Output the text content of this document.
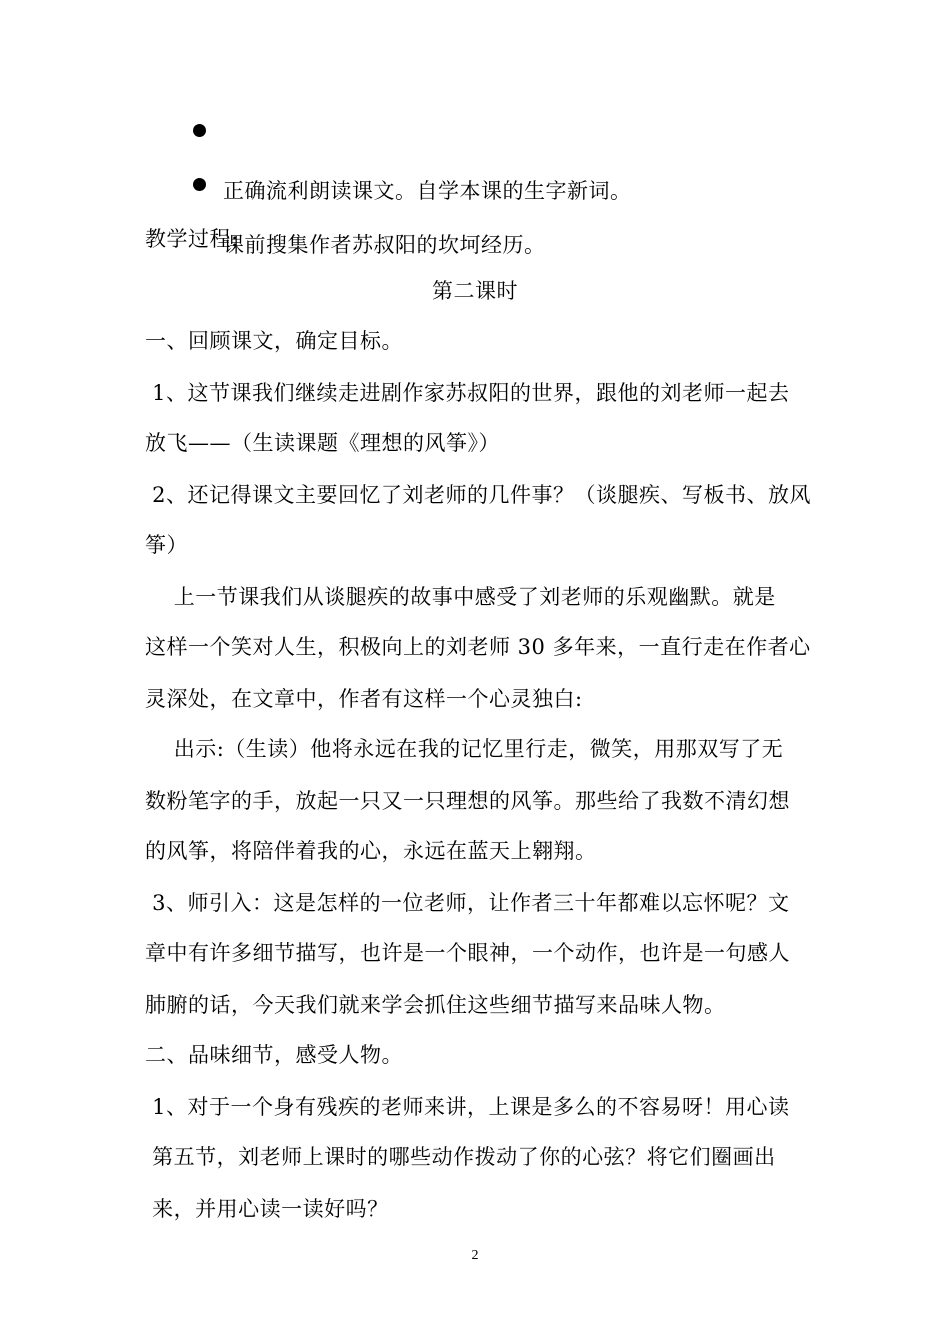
正确流利朗读课文。自学本课的生字新词。

课前搜集作者苏叔阳的坎坷经历。

教学过程:
第二课时
一、回顾课文，确定目标。
1、这节课我们继续走进剧作家苏叔阳的世界，跟他的刘老师一起去
放飞——（生读课题《理想的风筝》）
2、还记得课文主要回忆了刘老师的几件事？（谈腿疾、写板书、放风
筝）
上一节课我们从谈腿疾的故事中感受了刘老师的乐观幽默。就是
这样一个笑对人生，积极向上的刘老师 30 多年来，一直行走在作者心
灵深处，在文章中，作者有这样一个心灵独白:
出示:（生读）他将永远在我的记忆里行走，微笑，用那双写了无
数粉笔字的手，放起一只又一只理想的风筝。那些给了我数不清幻想
的风筝，将陪伴着我的心，永远在蓝天上翱翔。
3、师引入：这是怎样的一位老师，让作者三十年都难以忘怀呢？文
章中有许多细节描写，也许是一个眼神，一个动作，也许是一句感人
肺腑的话，今天我们就来学会抓住这些细节描写来品味人物。
二、品味细节，感受人物。
1、对于一个身有残疾的老师来讲，上课是多么的不容易呀！用心读
第五节，刘老师上课时的哪些动作拨动了你的心弦？将它们圈画出
来，并用心读一读好吗？
2
